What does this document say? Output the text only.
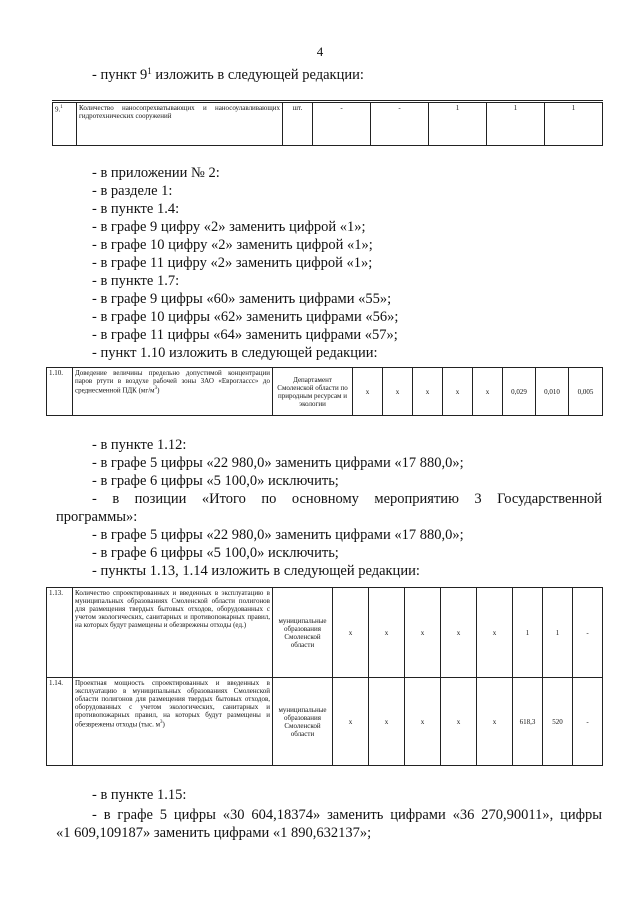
4
- пункт $9^1$ изложить в следующей редакции:
9.$^1$	Количество наносопрехватывающих и наносоулавливающих гидротехнических сооружений	шт.	-	-	1	1	1
- в приложении № 2:
- в разделе 1:
- в пункте 1.4:
- в графе 9 цифру «2» заменить цифрой «1»;
- в графе 10 цифру «2» заменить цифрой «1»;
- в графе 11 цифру «2» заменить цифрой «1»;
- в пункте 1.7:
- в графе 9 цифры «60» заменить цифрами «55»;
- в графе 10 цифры «62» заменить цифрами «56»;
- в графе 11 цифры «64» заменить цифрами «57»;
- пункт 1.10 изложить в следующей редакции:
1.10.	Доведение величины предельно допустимой концентрации паров ртути в воздухе рабочей зоны ЗАО «Евроглассс» до среднесменной ПДК $(мг/м^3)$	Департамент Смоленской области по природным ресурсам и экологии	x	x	x	x	x	0,029	0,010	0,005
- в пункте 1.12:
- в графе 5 цифры «22 980,0» заменить цифрами «17 880,0»;
- в графе 6 цифры «5 100,0» исключить;
- в позиции «Итого по основному мероприятию 3 Государственной
программы»:
- в графе 5 цифры «22 980,0» заменить цифрами «17 880,0»;
- в графе 6 цифры «5 100,0» исключить;
- пункты 1.13, 1.14 изложить в следующей редакции:
1.13.	Количество спроектированных и введенных в эксплуатацию в муниципальных образованиях Смоленской области полигонов для размещения твердых бытовых отходов, оборудованных с учетом экологических, санитарных и противопожарных правил, на которых будут размещены и обезврежены отходы (ед.)	муниципальные образования Смоленской области	x	x	x	x	x	1	1	-
1.14.	Проектная мощность спроектированных и введенных в эксплуатацию в муниципальных образованиях Смоленской области полигонов для размещения твердых бытовых отходов, оборудованных с учетом экологических, санитарных и противопожарных правил, на которых будут размещены и обезврежены отходы (тыс. $м^3$)	муниципальные образования Смоленской области	x	x	x	x	x	618,3	520	-
- в пункте 1.15:
- в графе 5 цифры «30 604,18374» заменить цифрами «36 270,90011», цифры
«1 609,109187» заменить цифрами «1 890,632137»;
